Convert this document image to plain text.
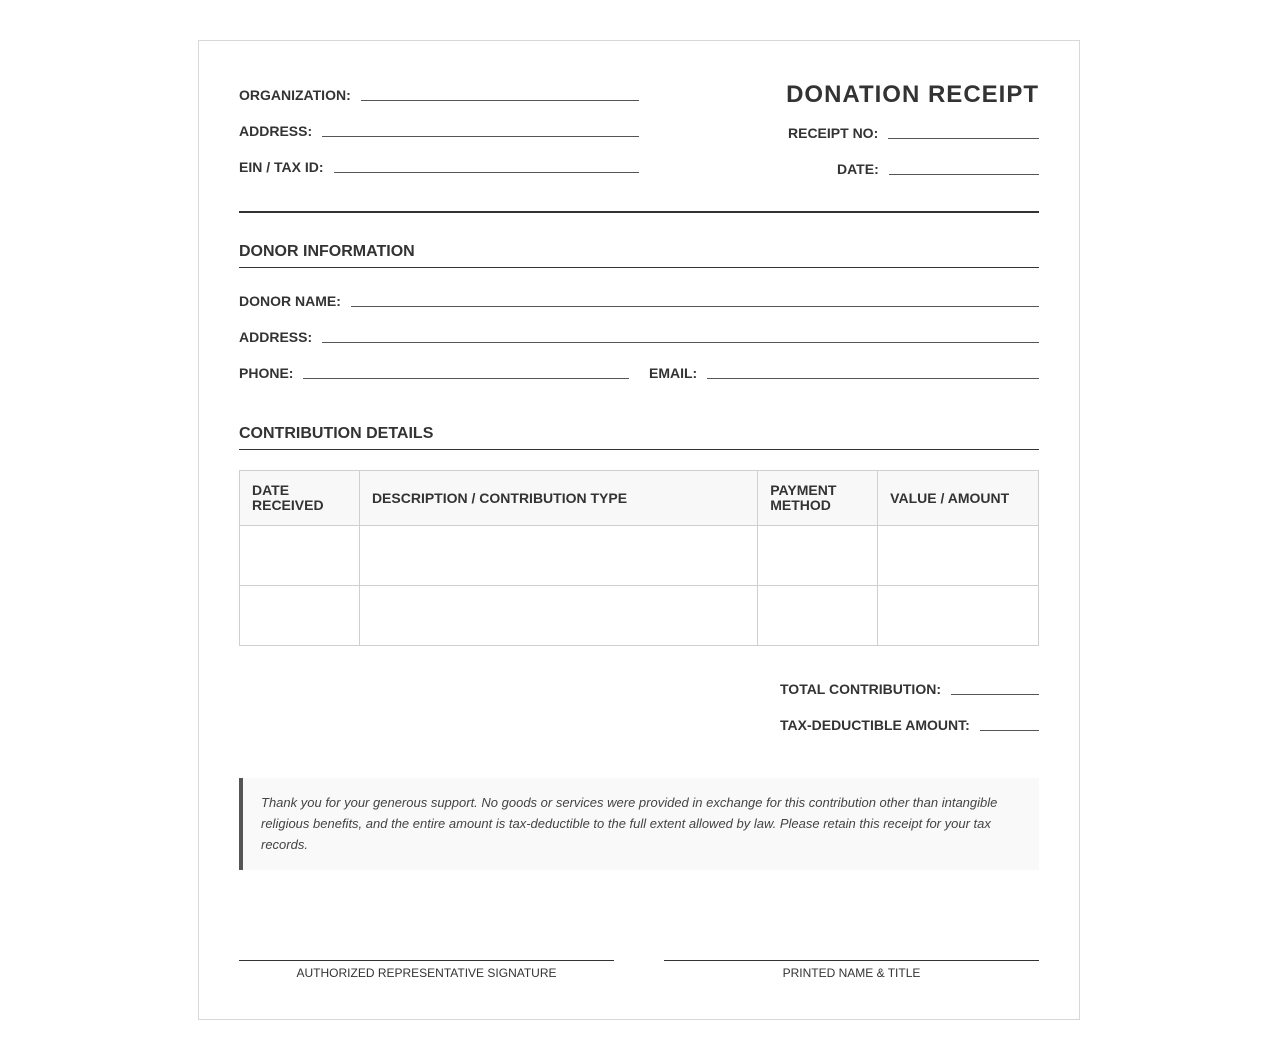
ORGANIZATION:
ADDRESS:
EIN / TAX ID:
DONATION RECEIPT
RECEIPT NO:
DATE:
DONOR INFORMATION
DONOR NAME:
ADDRESS:
PHONE:	EMAIL:
CONTRIBUTION DETAILS
DATE RECEIVED	DESCRIPTION / CONTRIBUTION TYPE	PAYMENT METHOD	VALUE / AMOUNT

TOTAL CONTRIBUTION:
TAX-DEDUCTIBLE AMOUNT:
Thank you for your generous support. No goods or services were provided in exchange for this contribution other than intangible religious benefits, and the entire amount is tax-deductible to the full extent allowed by law. Please retain this receipt for your tax records.
AUTHORIZED REPRESENTATIVE SIGNATURE	PRINTED NAME & TITLE
